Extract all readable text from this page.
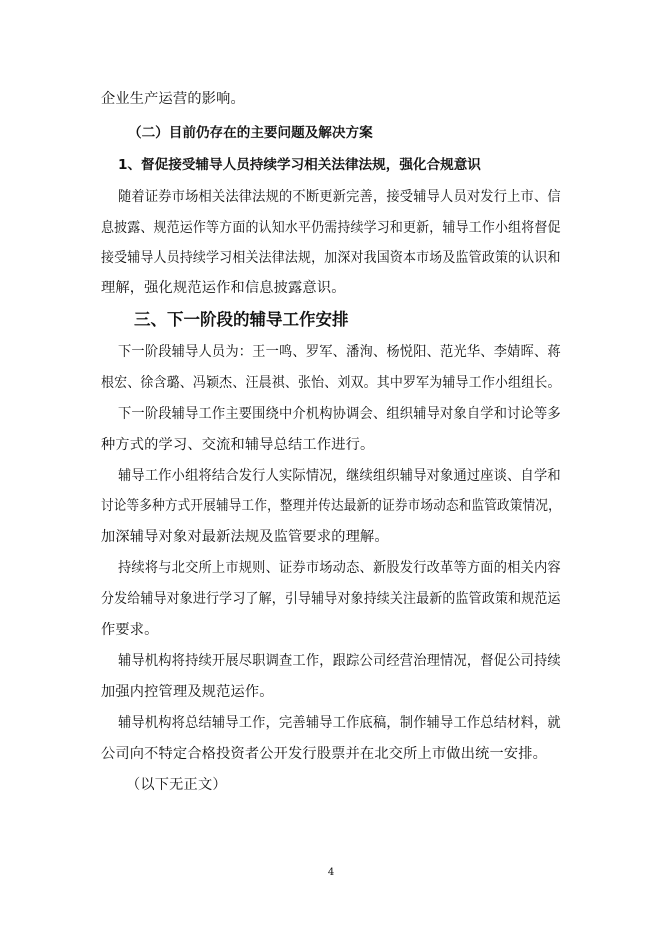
企业生产运营的影响。
（二）目前仍存在的主要问题及解决方案
1、督促接受辅导人员持续学习相关法律法规，强化合规意识
随着证券市场相关法律法规的不断更新完善，接受辅导人员对发行上市、信
息披露、规范运作等方面的认知水平仍需持续学习和更新，辅导工作小组将督促
接受辅导人员持续学习相关法律法规，加深对我国资本市场及监管政策的认识和
理解，强化规范运作和信息披露意识。
三、下一阶段的辅导工作安排
下一阶段辅导人员为：王一鸣、罗军、潘洵、杨悦阳、范光华、李婧晖、蒋
根宏、徐含璐、冯颖杰、汪晨祺、张怡、刘双。其中罗军为辅导工作小组组长。
下一阶段辅导工作主要围绕中介机构协调会、组织辅导对象自学和讨论等多
种方式的学习、交流和辅导总结工作进行。
辅导工作小组将结合发行人实际情况，继续组织辅导对象通过座谈、自学和
讨论等多种方式开展辅导工作，整理并传达最新的证券市场动态和监管政策情况，
加深辅导对象对最新法规及监管要求的理解。
持续将与北交所上市规则、证券市场动态、新股发行改革等方面的相关内容
分发给辅导对象进行学习了解，引导辅导对象持续关注最新的监管政策和规范运
作要求。
辅导机构将持续开展尽职调查工作，跟踪公司经营治理情况，督促公司持续
加强内控管理及规范运作。
辅导机构将总结辅导工作，完善辅导工作底稿，制作辅导工作总结材料，就
公司向不特定合格投资者公开发行股票并在北交所上市做出统一安排。
（以下无正文）
4
